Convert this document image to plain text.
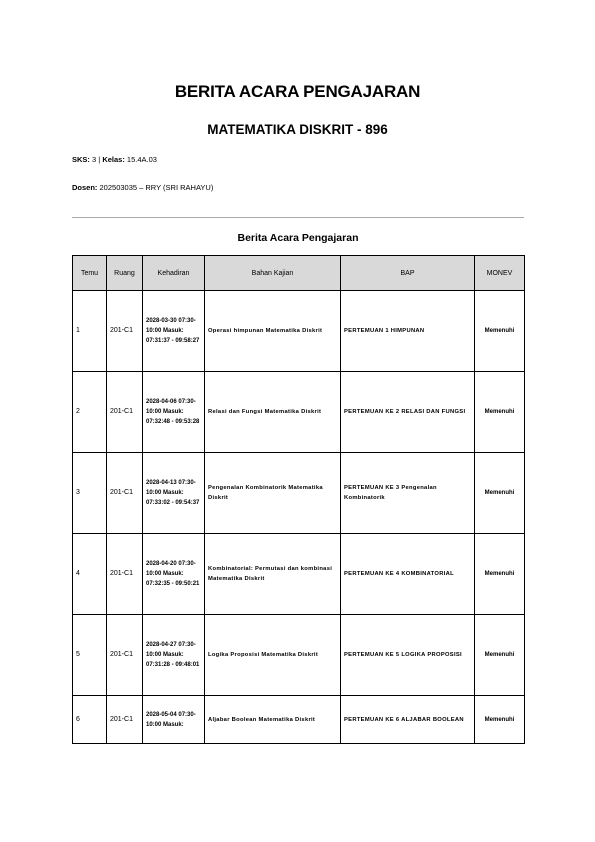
BERITA ACARA PENGAJARAN
MATEMATIKA DISKRIT - 896
SKS: 3 | Kelas: 15.4A.03
Dosen: 202503035 – RRY (SRI RAHAYU)
Berita Acara Pengajaran
Temu	Ruang	Kehadiran	Bahan Kajian	BAP	MONEV
1	201-C1	2028-03-30 07:30-10:00 Masuk: 07:31:37 - 09:58:27	Operasi himpunan Matematika Diskrit	PERTEMUAN 1 HIMPUNAN	Memenuhi
2	201-C1	2028-04-06 07:30-10:00 Masuk: 07:32:48 - 09:53:28	Relasi dan Fungsi Matematika Diskrit	PERTEMUAN KE 2 RELASI DAN FUNGSI	Memenuhi
3	201-C1	2028-04-13 07:30-10:00 Masuk: 07:33:02 - 09:54:37	Pengenalan Kombinatorik Matematika Diskrit	PERTEMUAN KE 3 Pengenalan Kombinatorik	Memenuhi
4	201-C1	2028-04-20 07:30-10:00 Masuk: 07:32:35 - 09:50:21	Kombinatorial: Permutasi dan kombinasi Matematika Diskrit	PERTEMUAN KE 4 KOMBINATORIAL	Memenuhi
5	201-C1	2028-04-27 07:30-10:00 Masuk: 07:31:28 - 09:48:01	Logika Proposisi Matematika Diskrit	PERTEMUAN KE 5 LOGIKA PROPOSISI	Memenuhi
6	201-C1	2028-05-04 07:30-10:00 Masuk:	Aljabar Boolean Matematika Diskrit	PERTEMUAN KE 6 ALJABAR BOOLEAN	Memenuhi
